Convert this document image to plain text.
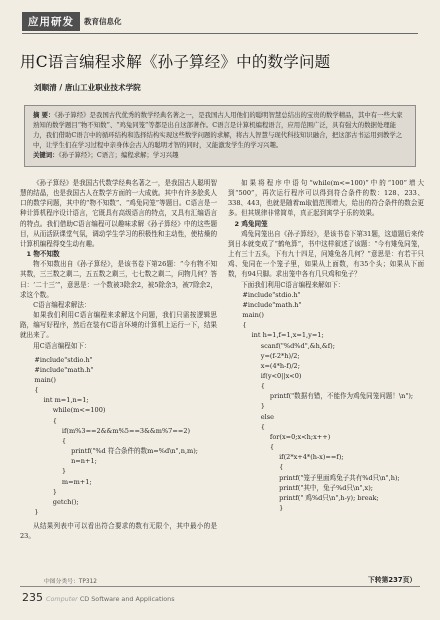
应用研发	教育信息化
用C语言编程求解《孙子算经》中的数学问题
刘顺清 / 唐山工业职业技术学院
摘 要：《孙子算经》是我国古代优秀的数学经典名著之一，是我国古人用他们的聪明智慧总结出的宝贵的数学精品，其中有一些大家熟知的数学题目“物不知数”、“鸡兔同笼”等都是出自这部著作。C语言是计算机编程语言，应用范围广泛，具有强大的数据处理能力，我们借助C语言中的循环结构和选择结构实现这些数学问题的求解，将古人智慧与现代科技知识融合，把这部古书运用到教学之中，让学生们在学习过程中亲身体会古人的聪明才智的同时，又能激发学生的学习兴趣。
关键词：《孙子算经》；C语言；编程求解；学习兴趣

《孙子算经》是我国古代数学经典名著之一，是我国古人聪明智慧的结晶，也是我国古人在数学方面的一大成就。其中有许多脍炙人口的数学问题，其中的“物不知数”、“鸡兔同笼”等题目。C语言是一种计算机程序设计语言，它既具有高级语言的特点，又具有汇编语言的特点。我们借助C语言编程可以趣味求解《孙子算经》中的这些题目，从而活跃课堂气氛，调动学生学习的积极性和主动性，使枯燥的计算机编程得变生动有趣。

1 物不知数

物不知数出自《孙子算经》，是该书卷下第26题：“今有物不知其数，三三数之剩二，五五数之剩三，七七数之剩二，问物几何？答曰：‘二十三’”，意思是：一个数被3除余2，被5除余3，被7除余2，求这个数。

C语言编程求解法：

如果我们利用C语言编程来求解这个问题，我们只需按逻辑思路，编写好程序，然后在装有C语言环境的计算机上运行一下，结果就出来了。

用C语言编程如下：

#include"stdio.h"

#include"math.h"

main()

{

int m=1,n=1;

while(m<=100)

{

if(m%3==2&&m%5==3&&m%7==2)

{

printf("%d 符合条件的数m=%d\n",n,m);

n=n+1;

}

m=m+1;

}

getch();

}

从结果列表中可以看出符合要求的数有无限个，其中最小的是23。

如果将程序中语句“while(m<=100)”中的“100”增大到“500”，再次运行程序可以得到符合条件的数：128、233、338、443，也就是随着m取值范围增大，给出的符合条件的数会更多。但其规律非常简单，真正起到寓学于乐的效果。

2 鸡兔同笼

鸡兔同笼出自《孙子算经》，是该书卷下第31题，这道题后来传到日本就变成了“鹤龟算”，书中这样叙述了该题：“今有雉兔同笼，上有三十五头，下有九十四足，问雉兔各几何？”意思是：有若干只鸡、兔同在一个笼子里，如果从上面数，有35个头；如果从下面数，有94只脚。求出笼中各有几只鸡和兔子？

下面我们利用C语言编程来解如下：

#include"stdio.h"

#include"math.h"

main()

{

int h=1,f=1,x=1,y=1;

scanf("%d%d",&h,&f);

y=(f-2*h)/2;

x=(4*h-f)/2;

if(y<0||x<0)

{

printf("数据有错，不能作为鸡兔同笼问题！\n");

}

else

{

for(x=0;x<h;x++)

{

if(2*x+4*(h-x)==f);

{

printf("笼子里面鸡兔子共有%d只\n",h);

printf("其中，兔子%d只\n",x);

printf(" 鸡%d只\n",h-y); break;

}

中图分类号：TP312	下转第237页）
235 Computer CD Software and Applications
